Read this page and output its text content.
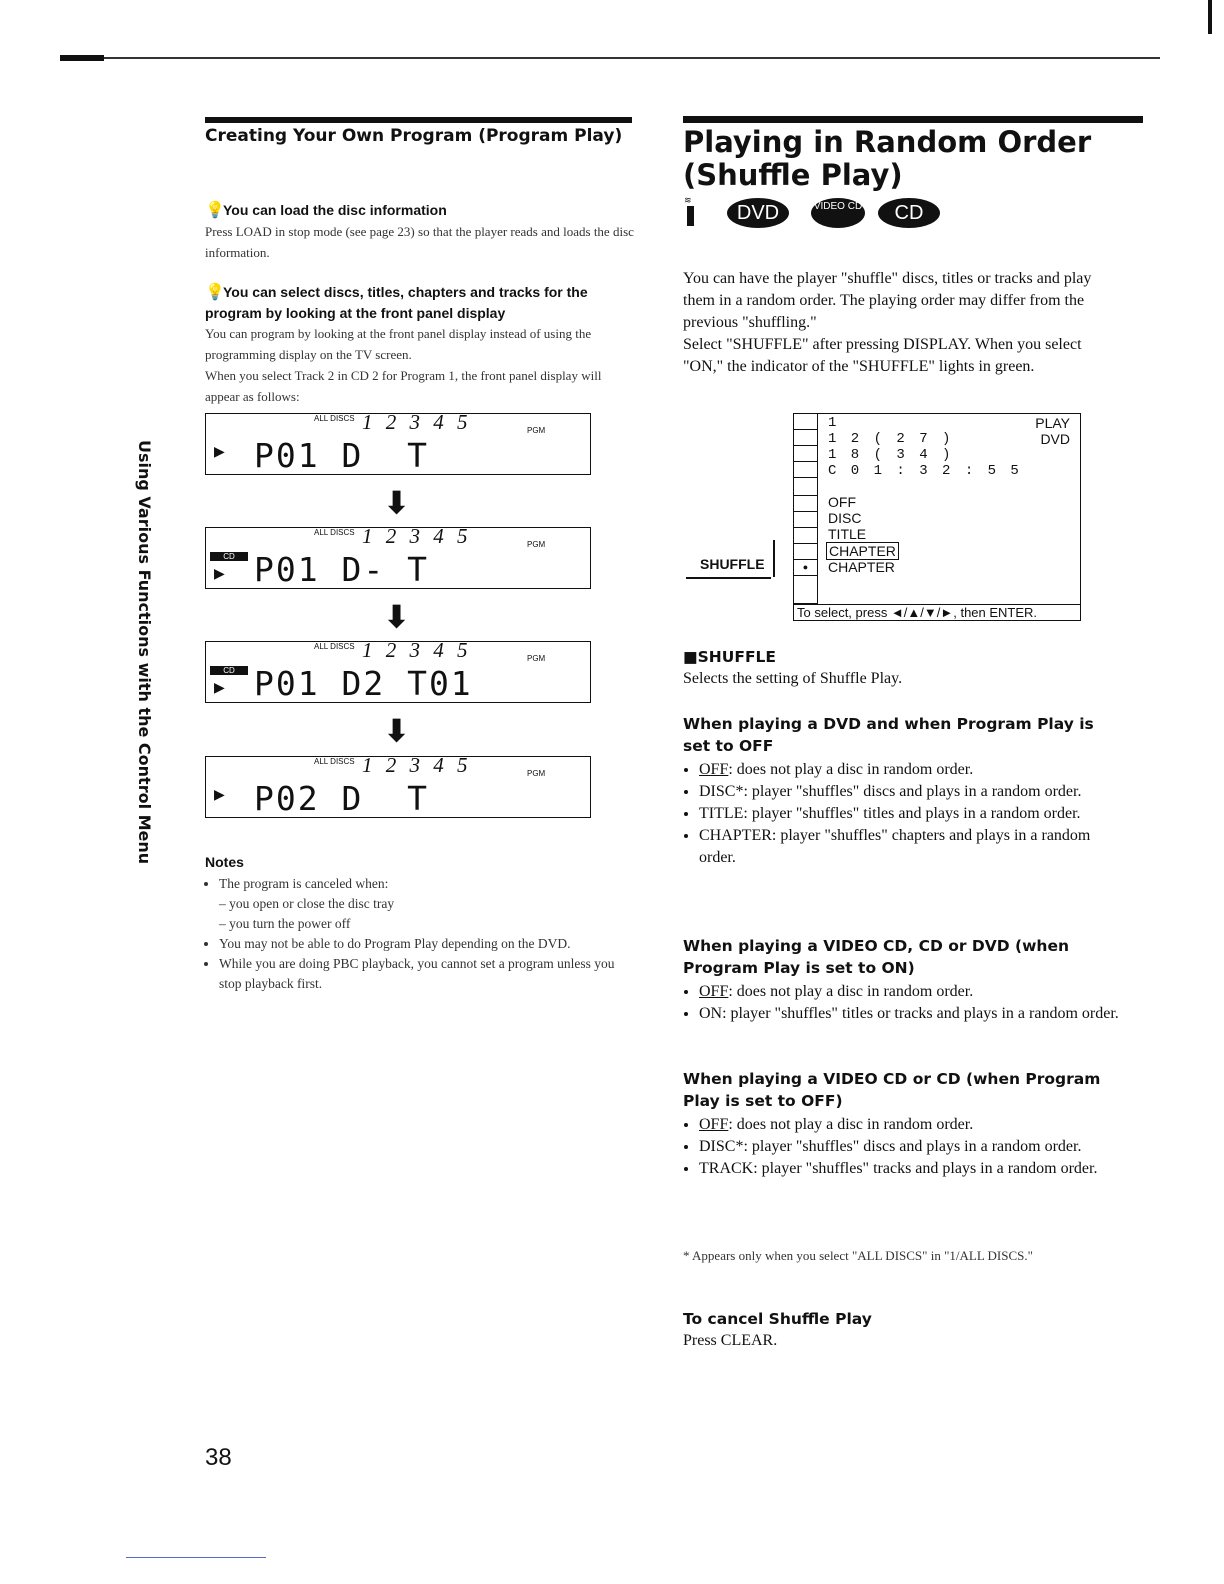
Creating Your Own Program (Program Play)
💡You can load the disc information
Press LOAD in stop mode (see page 23) so that the player reads and loads the disc information.
💡You can select discs, titles, chapters and tracks for the program by looking at the front panel display
You can program by looking at the front panel display instead of using the programming display on the TV screen.
When you select Track 2 in CD 2 for Program 1, the front panel display will appear as follows:
ALL DISCS 1 2 3 4 5	PGM
▶ P01 D  T
⬇
ALL DISCS 1 2 3 4 5	PGM
CD
▶ P01 D- T
⬇
ALL DISCS 1 2 3 4 5	PGM
CD
▶ P01 D2 T01
⬇
ALL DISCS 1 2 3 4 5	PGM
▶ P02 D  T
Notes
• The program is canceled when:
– you open or close the disc tray
– you turn the power off
• You may not be able to do Program Play depending on the DVD.
• While you are doing PBC playback, you cannot set a program unless you stop playback first.
Using Various Functions with the Control Menu
38
Playing in Random Order
(Shuffle Play)
≋
DVD	VIDEO CD	CD
You can have the player "shuffle" discs, titles or tracks and play them in a random order. The playing order may differ from the previous "shuffling."
Select "SHUFFLE" after pressing DISPLAY. When you select "ON," the indicator of the "SHUFFLE" lights in green.
●
1
1 2 ( 2 7 )
1 8 ( 3 4 )
C 0 1 : 3 2 : 5 5
PLAY
DVD
OFF
DISC
TITLE
CHAPTER
CHAPTER
To select, press ◄/▲/▼/►, then ENTER.
SHUFFLE
■SHUFFLE
Selects the setting of Shuffle Play.
When playing a DVD and when Program Play is set to OFF
• OFF: does not play a disc in random order.
• DISC*: player "shuffles" discs and plays in a random order.
• TITLE: player "shuffles" titles and plays in a random order.
• CHAPTER: player "shuffles" chapters and plays in a random order.
When playing a VIDEO CD, CD or DVD (when Program Play is set to ON)
• OFF: does not play a disc in random order.
• ON: player "shuffles" titles or tracks and plays in a random order.
When playing a VIDEO CD or CD (when Program Play is set to OFF)
• OFF: does not play a disc in random order.
• DISC*: player "shuffles" discs and plays in a random order.
• TRACK: player "shuffles" tracks and plays in a random order.
* Appears only when you select "ALL DISCS" in "1/ALL DISCS."
To cancel Shuffle Play
Press CLEAR.
